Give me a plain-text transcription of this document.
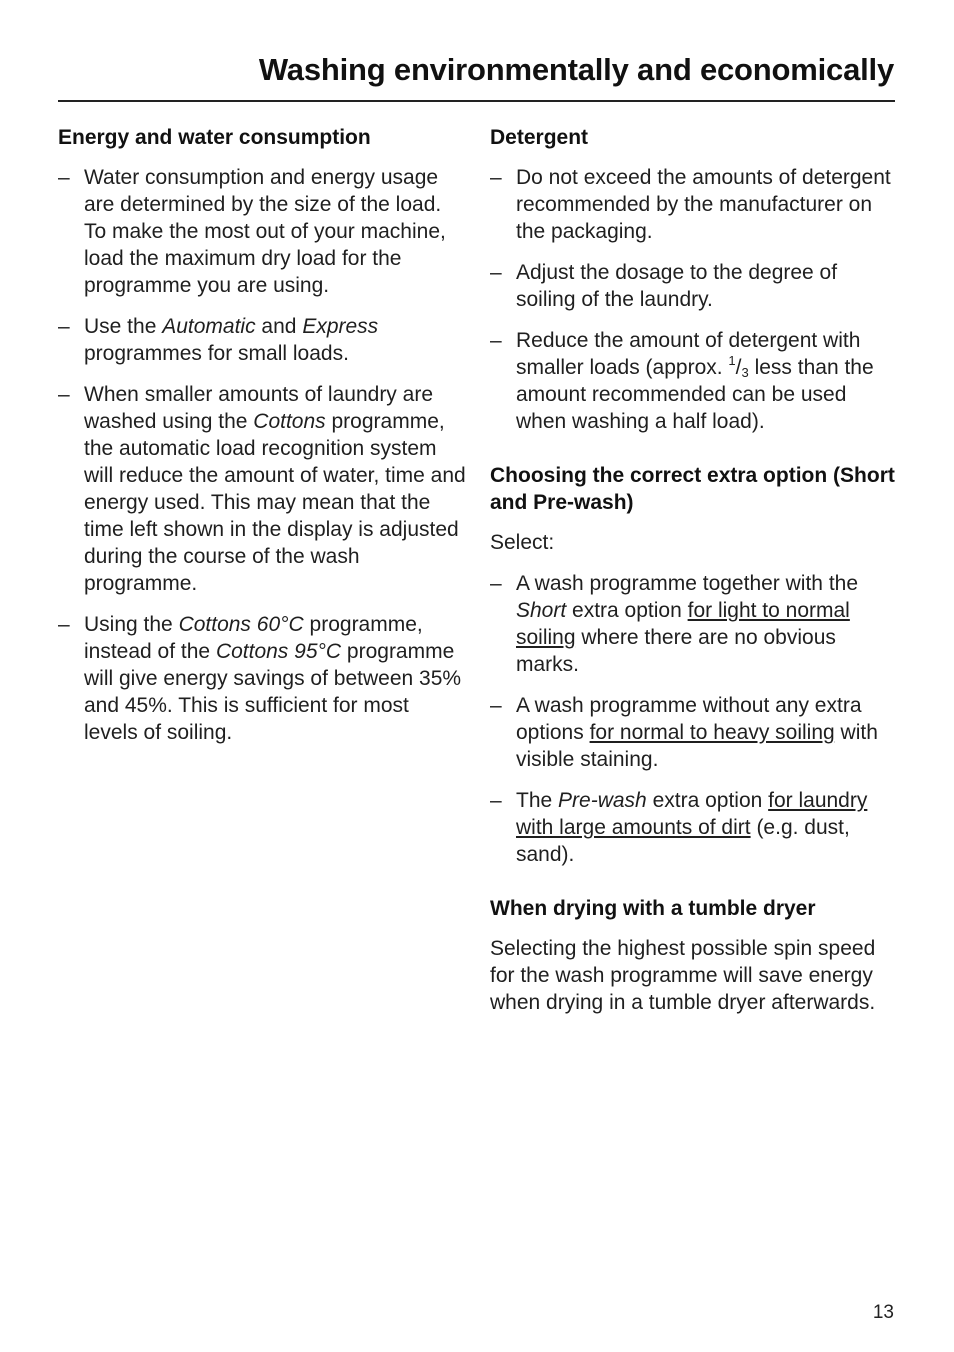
Washing environmentally and economically
Energy and water consumption
– Water consumption and energy usage are determined by the size of the load.
To make the most out of your machine, load the maximum dry load for the programme you are using.
– Use the Automatic and Express programmes for small loads.
– When smaller amounts of laundry are washed using the Cottons programme, the automatic load recognition system will reduce the amount of water, time and energy used. This may mean that the time left shown in the display is adjusted during the course of the wash programme.
– Using the Cottons 60°C programme, instead of the Cottons 95°C programme will give energy savings of between 35% and 45%. This is sufficient for most levels of soiling.
Detergent
– Do not exceed the amounts of detergent recommended by the manufacturer on the packaging.
– Adjust the dosage to the degree of soiling of the laundry.
– Reduce the amount of detergent with smaller loads (approx. $^1/_3$ less than the amount recommended can be used when washing a half load).
Choosing the correct extra option (Short and Pre-wash)

Select:

– A wash programme together with the Short extra option for light to normal soiling where there are no obvious marks.
– A wash programme without any extra options for normal to heavy soiling with visible staining.
– The Pre-wash extra option for laundry with large amounts of dirt (e.g. dust, sand).
When drying with a tumble dryer

Selecting the highest possible spin speed for the wash programme will save energy when drying in a tumble dryer afterwards.

13
